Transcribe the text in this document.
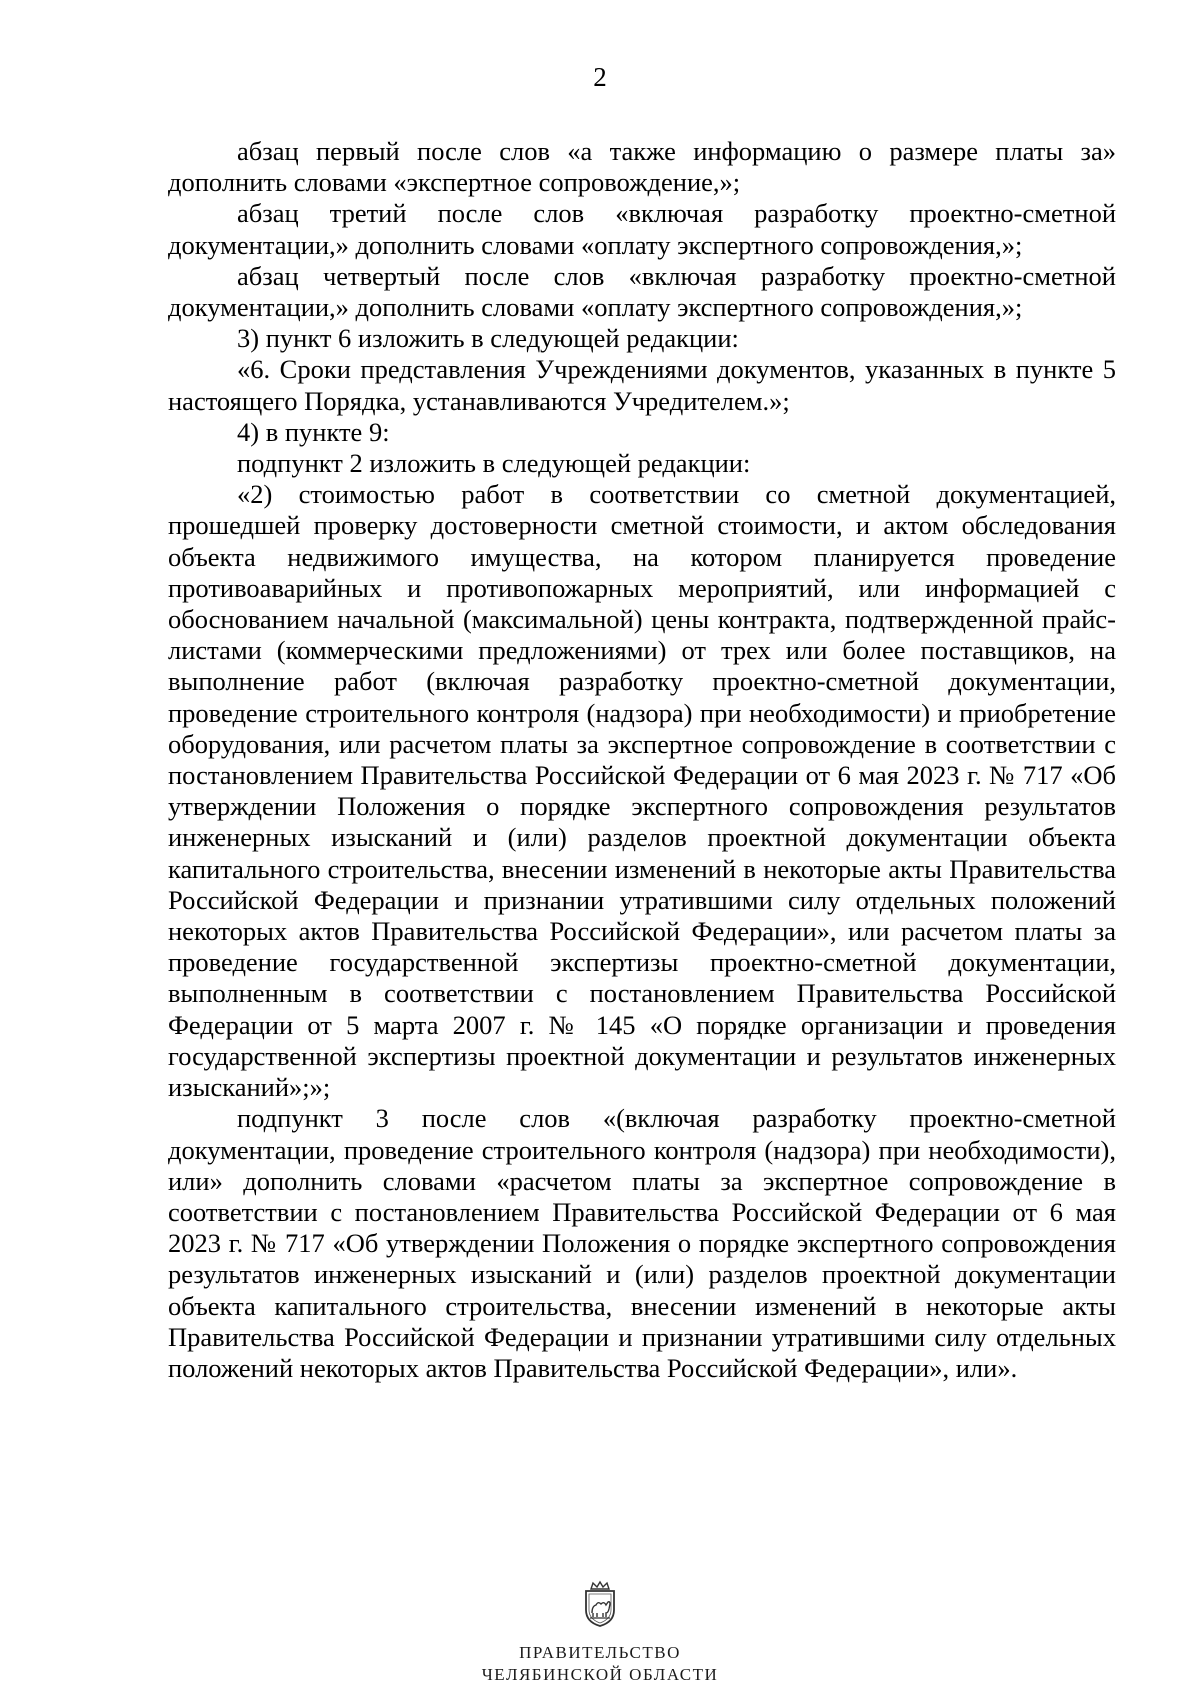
2

абзац первый после слов «а также информацию о размере платы за» дополнить словами «экспертное сопровождение,»;

абзац третий после слов «включая разработку проектно-сметной документации,» дополнить словами «оплату экспертного сопровождения,»;

абзац четвертый после слов «включая разработку проектно-сметной документации,» дополнить словами «оплату экспертного сопровождения,»;

3) пункт 6 изложить в следующей редакции:

«6. Сроки представления Учреждениями документов, указанных в пункте 5 настоящего Порядка, устанавливаются Учредителем.»;

4) в пункте 9:

подпункт 2 изложить в следующей редакции:

«2) стоимостью работ в соответствии со сметной документацией, прошедшей проверку достоверности сметной стоимости, и актом обследования объекта недвижимого имущества, на котором планируется проведение противоаварийных и противопожарных мероприятий, или информацией с обоснованием начальной (максимальной) цены контракта, подтвержденной прайс-листами (коммерческими предложениями) от трех или более поставщиков, на выполнение работ (включая разработку проектно-сметной документации, проведение строительного контроля (надзора) при необходимости) и приобретение оборудования, или расчетом платы за экспертное сопровождение в соответствии с постановлением Правительства Российской Федерации от 6 мая 2023 г. № 717 «Об утверждении Положения о порядке экспертного сопровождения результатов инженерных изысканий и (или) разделов проектной документации объекта капитального строительства, внесении изменений в некоторые акты Правительства Российской Федерации и признании утратившими силу отдельных положений некоторых актов Правительства Российской Федерации», или расчетом платы за проведение государственной экспертизы проектно-сметной документации, выполненным в соответствии с постановлением Правительства Российской Федерации от 5 марта 2007 г. № 145 «О порядке организации и проведения государственной экспертизы проектной документации и результатов инженерных изысканий»;»;

подпункт 3 после слов «(включая разработку проектно-сметной документации, проведение строительного контроля (надзора) при необходимости), или» дополнить словами «расчетом платы за экспертное сопровождение в соответствии с постановлением Правительства Российской Федерации от 6 мая 2023 г. № 717 «Об утверждении Положения о порядке экспертного сопровождения результатов инженерных изысканий и (или) разделов проектной документации объекта капитального строительства, внесении изменений в некоторые акты Правительства Российской Федерации и признании утратившими силу отдельных положений некоторых актов Правительства Российской Федерации», или».

ПРАВИТЕЛЬСТВО
ЧЕЛЯБИНСКОЙ ОБЛАСТИ
